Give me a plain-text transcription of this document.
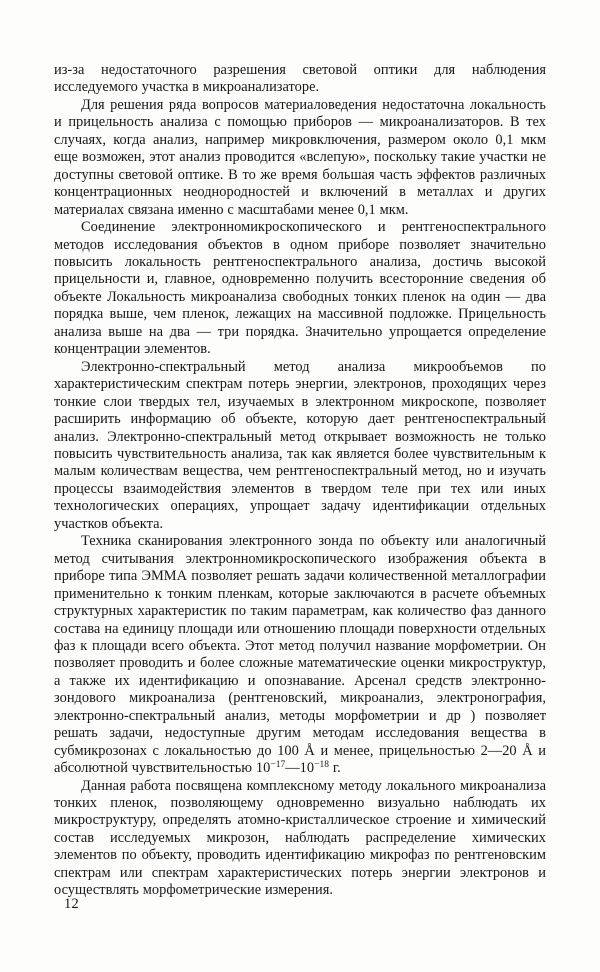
из-за недостаточного разрешения световой оптики для наблюдения исследуемого участка в микроанализаторе.

Для решения ряда вопросов материаловедения недостаточна локальность и прицельность анализа с помощью приборов — микроанализаторов. В тех случаях, когда анализ, например микровключения, размером около 0,1 мкм еще возможен, этот анализ проводится «вслепую», поскольку такие участки не доступны световой оптике. В то же время большая часть эффектов различных концентрационных неоднородностей и включений в металлах и других материалах связана именно с масштабами менее 0,1 мкм.

Соединение электронномикроскопического и рентгеноспектрального методов исследования объектов в одном приборе позволяет значительно повысить локальность рентгеноспектрального анализа, достичь высокой прицельности и, главное, одновременно получить всесторонние сведения об объекте Локальность микроанализа свободных тонких пленок на один — два порядка выше, чем пленок, лежащих на массивной подложке. Прицельность анализа выше на два — три порядка. Значительно упрощается определение концентрации элементов.

Электронно-спектральный метод анализа микрообъемов по характеристическим спектрам потерь энергии, электронов, проходящих через тонкие слои твердых тел, изучаемых в электронном микроскопе, позволяет расширить информацию об объекте, которую дает рентгеноспектральный анализ. Электронно-спектральный метод открывает возможность не только повысить чувствительность анализа, так как является более чувствительным к малым количествам вещества, чем рентгеноспектральный метод, но и изучать процессы взаимодействия элементов в твердом теле при тех или иных технологических операциях, упрощает задачу идентификации отдельных участков объекта.

Техника сканирования электронного зонда по объекту или аналогичный метод считывания электронномикроскопического изображения объекта в приборе типа ЭММА позволяет решать задачи количественной металлографии применительно к тонким пленкам, которые заключаются в расчете объемных структурных характеристик по таким параметрам, как количество фаз данного состава на единицу площади или отношению площади поверхности отдельных фаз к площади всего объекта. Этот метод получил название морфометрии. Он позволяет проводить и более сложные математические оценки микроструктур, а также их идентификацию и опознавание. Арсенал средств электронно-зондового микроанализа (рентгеновский, микроанализ, электронография, электронно-спектральный анализ, методы морфометрии и др ) позволяет решать задачи, недоступные другим методам исследования вещества в субмикрозонах с локальностью до 100 Å и менее, прицельностью 2—20 Å и абсолютной чувствительностью $10^{-17}—10^{-18}$ г.

Данная работа посвящена комплексному методу локального микроанализа тонких пленок, позволяющему одновременно визуально наблюдать их микроструктуру, определять атомно-кристаллическое строение и химический состав исследуемых микрозон, наблюдать распределение химических элементов по объекту, проводить идентификацию микрофаз по рентгеновским спектрам или спектрам характеристических потерь энергии электронов и осуществлять морфометрические измерения.

12
